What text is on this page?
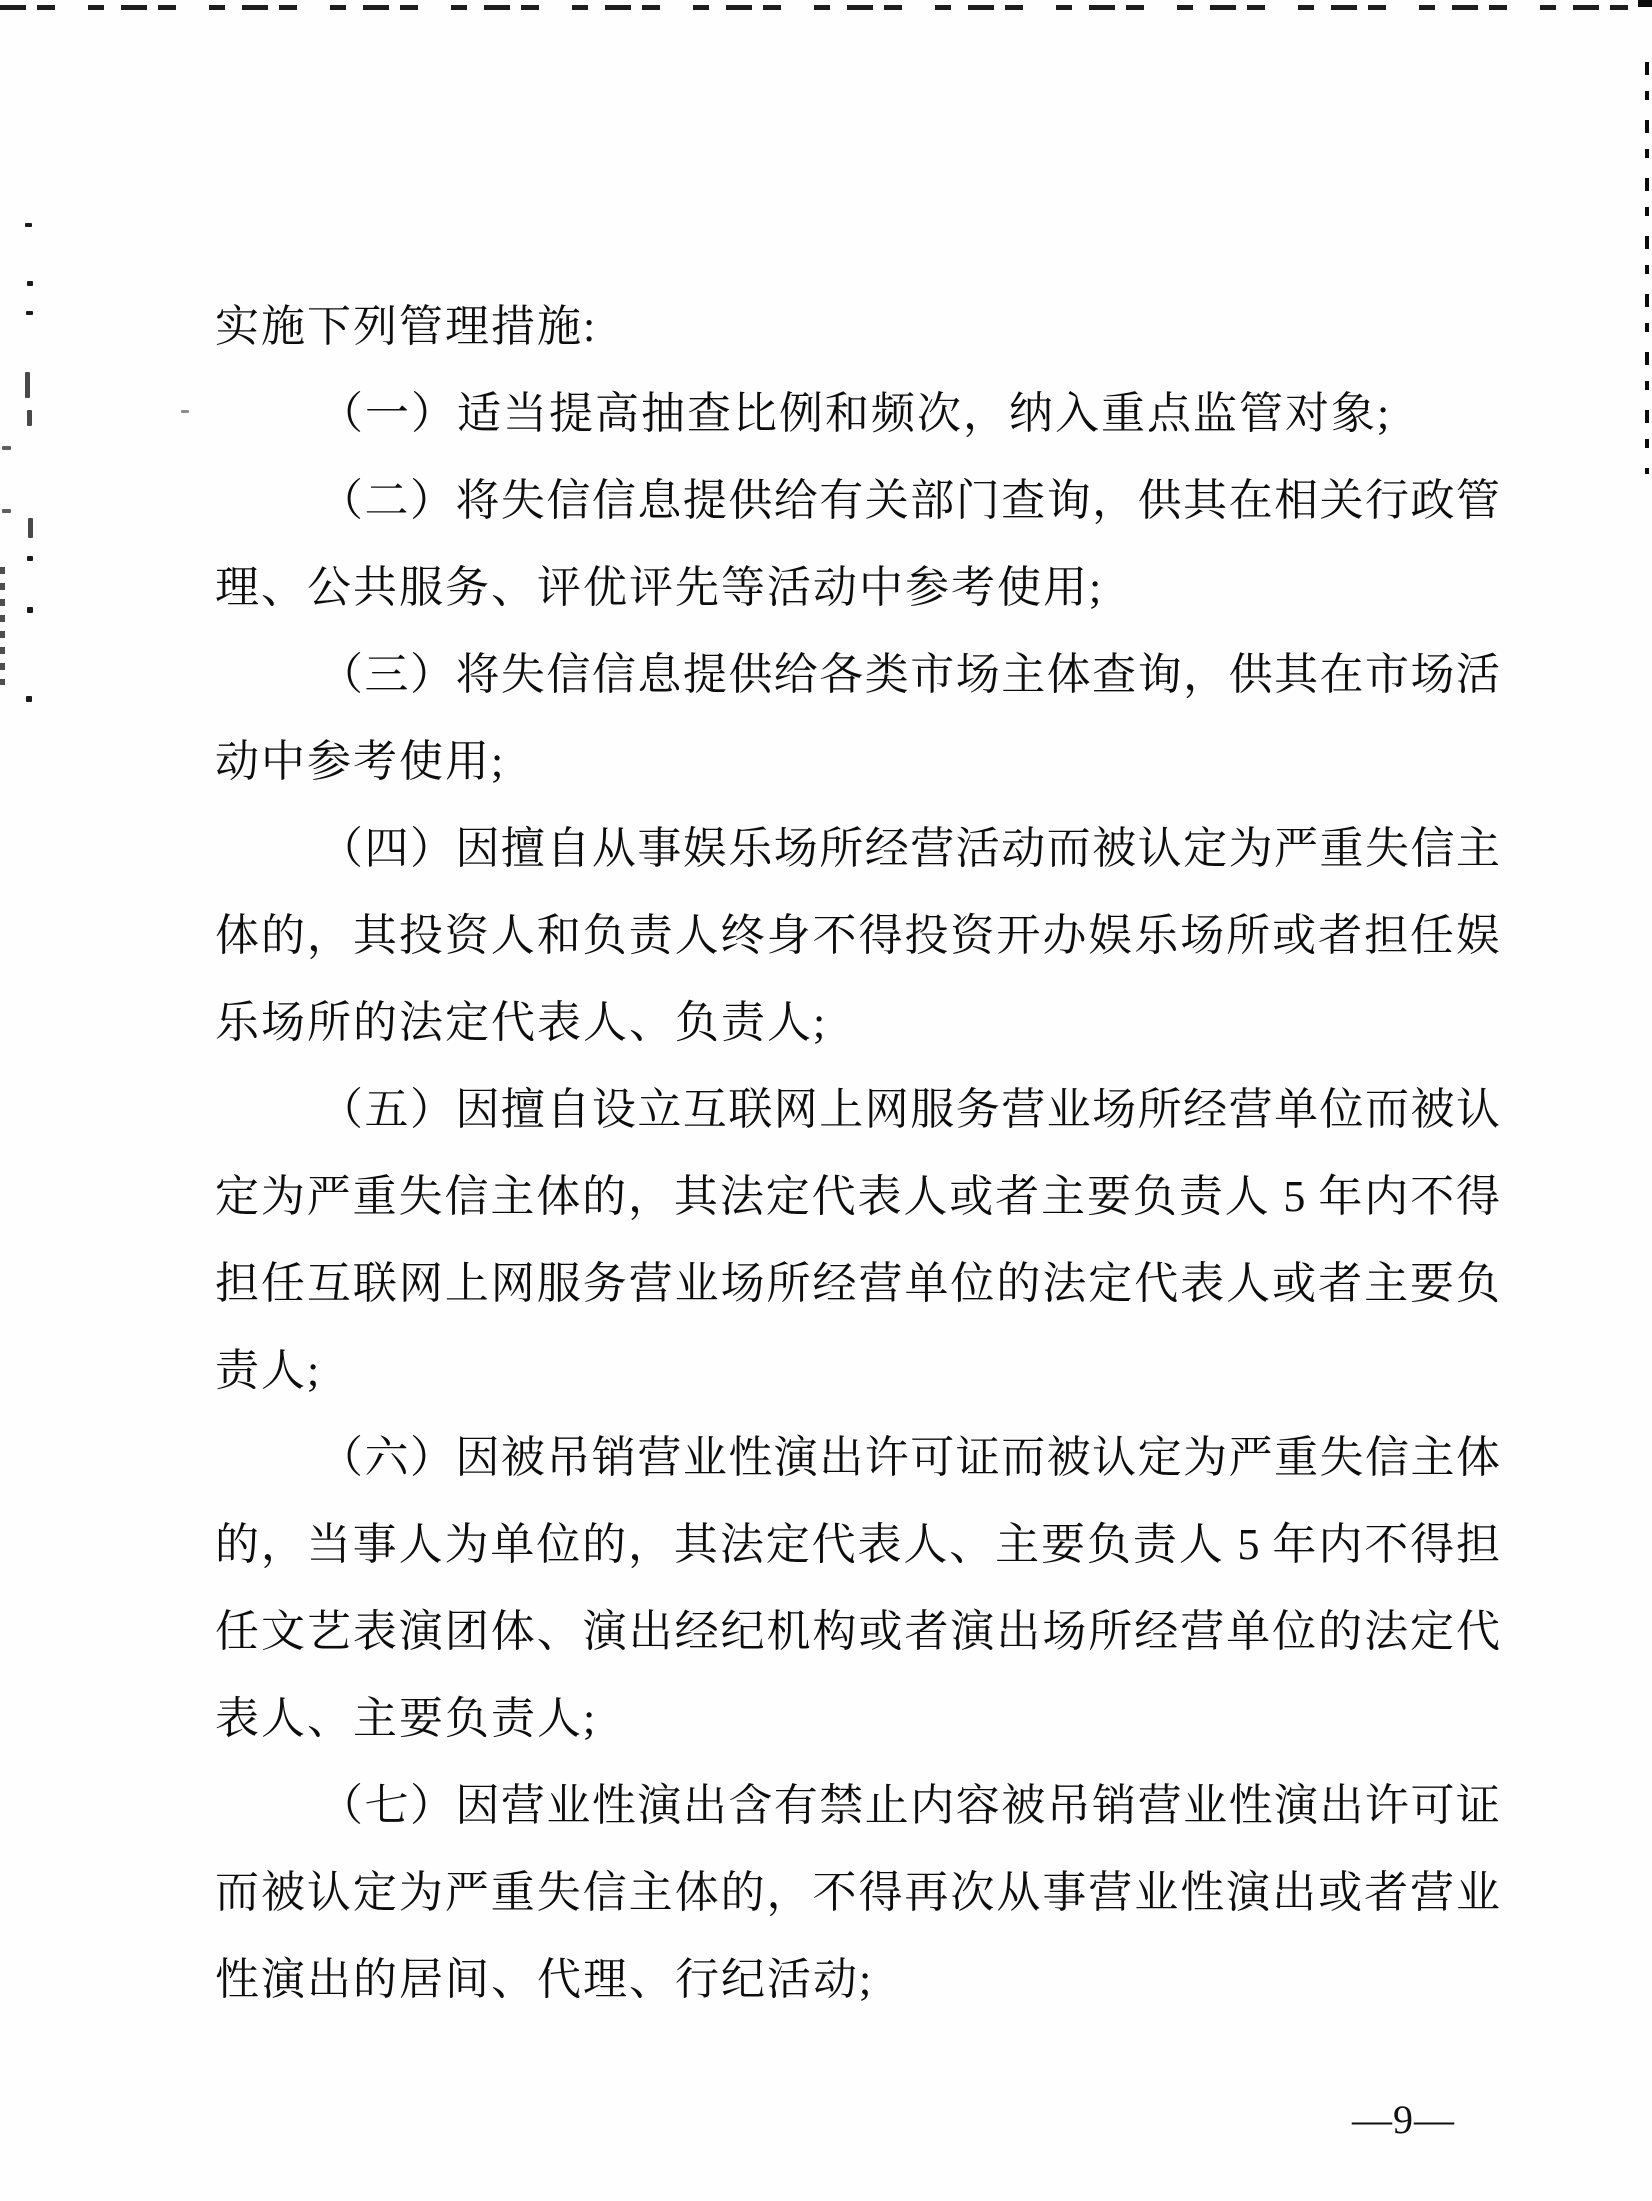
实施下列管理措施:
（一）适当提高抽查比例和频次，纳入重点监管对象;
（二）将失信信息提供给有关部门查询，供其在相关行政管
理、公共服务、评优评先等活动中参考使用;
（三）将失信信息提供给各类市场主体查询，供其在市场活
动中参考使用;
（四）因擅自从事娱乐场所经营活动而被认定为严重失信主
体的，其投资人和负责人终身不得投资开办娱乐场所或者担任娱
乐场所的法定代表人、负责人;
（五）因擅自设立互联网上网服务营业场所经营单位而被认
定为严重失信主体的，其法定代表人或者主要负责人 5 年内不得
担任互联网上网服务营业场所经营单位的法定代表人或者主要负
责人;
（六）因被吊销营业性演出许可证而被认定为严重失信主体
的，当事人为单位的，其法定代表人、主要负责人 5 年内不得担
任文艺表演团体、演出经纪机构或者演出场所经营单位的法定代
表人、主要负责人;
（七）因营业性演出含有禁止内容被吊销营业性演出许可证
而被认定为严重失信主体的，不得再次从事营业性演出或者营业
性演出的居间、代理、行纪活动;
—9—
